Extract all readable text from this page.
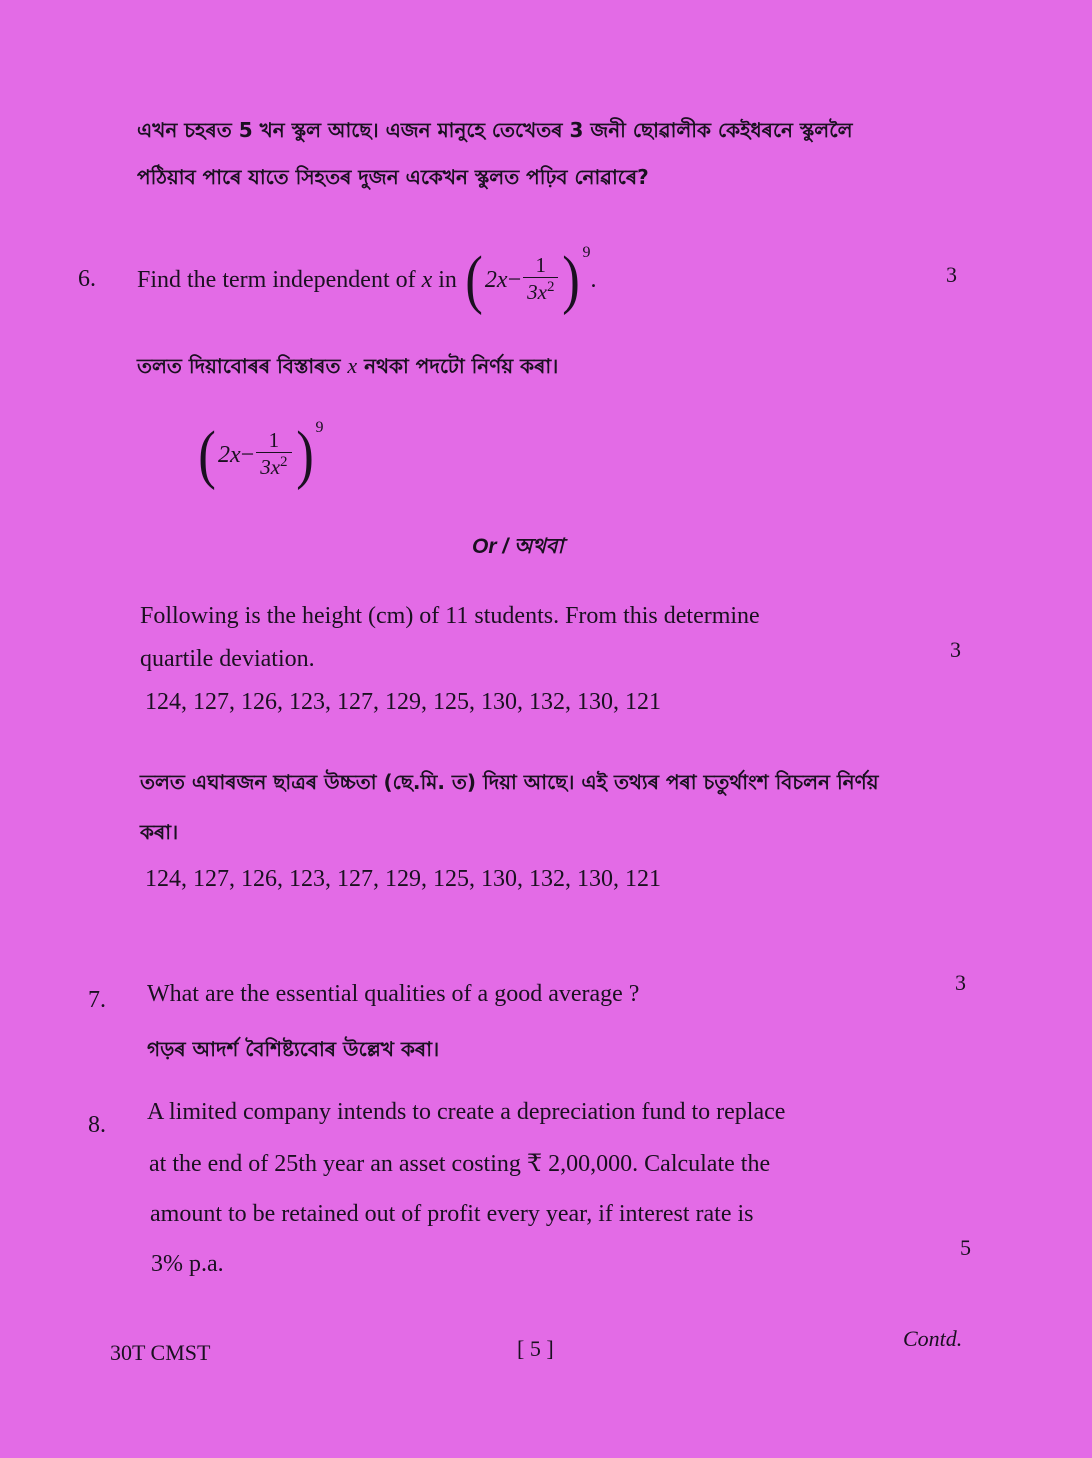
এখন চহৰত 5 খন স্কুল আছে। এজন মানুহে তেখেতৰ 3 জনী ছোৱালীক কেইধৰনে স্কুললৈ
পঠিয়াব পাৰে যাতে সিহতৰ দুজন একেখন স্কুলত পঢ়িব নোৱাৰে?
6. Find the term independent of
x
in
( $2x - \frac{1}{3x^2}$ ) 9
.	3
তলত দিয়াবোৰৰ বিস্তাৰত x নথকা পদটো নিৰ্ণয় কৰা।
( $2x - \frac{1}{3x^2}$ ) 9
Or / অথবা
Following is the height (cm) of 11 students. From this determine
quartile deviation.	3
124, 127, 126, 123, 127, 129, 125, 130, 132, 130, 121
তলত এঘাৰজন ছাত্ৰৰ উচ্চতা (ছে.মি. ত) দিয়া আছে। এই তথ্যৰ পৰা চতুৰ্থাংশ বিচলন নিৰ্ণয়
কৰা।
124, 127, 126, 123, 127, 129, 125, 130, 132, 130, 121
7. What are the essential qualities of a good average ?	3
গড়ৰ আদৰ্শ বৈশিষ্ট্যবোৰ উল্লেখ কৰা।
8. A limited company intends to create a depreciation fund to replace
at the end of 25th year an asset costing ₹ 2,00,000. Calculate the
amount to be retained out of profit every year, if interest rate is
3% p.a.
5
30T CMST	[ 5 ]	Contd.
